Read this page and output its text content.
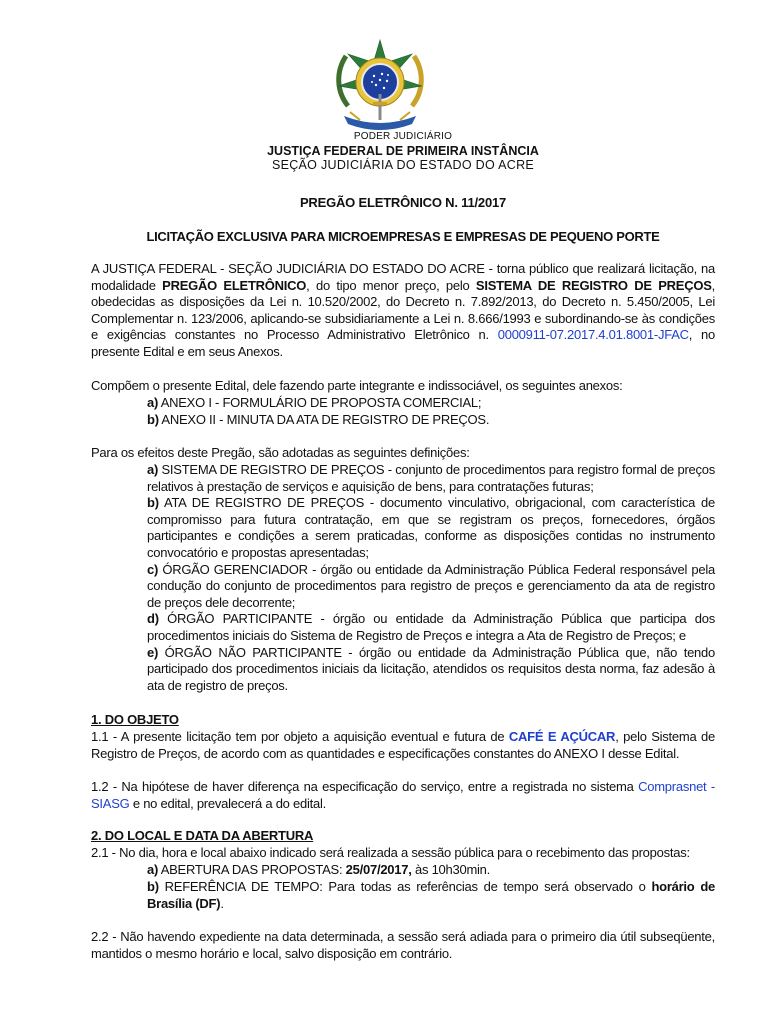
PODER JUDICIÁRIO
JUSTIÇA FEDERAL DE PRIMEIRA INSTÂNCIA
SEÇÃO JUDICIÁRIA DO ESTADO DO ACRE
PREGÃO ELETRÔNICO N. 11/2017
LICITAÇÃO EXCLUSIVA PARA MICROEMPRESAS E EMPRESAS DE PEQUENO PORTE

A JUSTIÇA FEDERAL - SEÇÃO JUDICIÁRIA DO ESTADO DO ACRE - torna público que realizará licitação, na modalidade PREGÃO ELETRÔNICO, do tipo menor preço, pelo SISTEMA DE REGISTRO DE PREÇOS, obedecidas as disposições da Lei n. 10.520/2002, do Decreto n. 7.892/2013, do Decreto n. 5.450/2005, Lei Complementar n. 123/2006, aplicando-se subsidiariamente a Lei n. 8.666/1993 e subordinando-se às condições e exigências constantes no Processo Administrativo Eletrônico n. 0000911-07.2017.4.01.8001-JFAC, no presente Edital e em seus Anexos.

Compõem o presente Edital, dele fazendo parte integrante e indissociável, os seguintes anexos:

a) ANEXO I - FORMULÁRIO DE PROPOSTA COMERCIAL;

b) ANEXO II - MINUTA DA ATA DE REGISTRO DE PREÇOS.

Para os efeitos deste Pregão, são adotadas as seguintes definições:

a) SISTEMA DE REGISTRO DE PREÇOS - conjunto de procedimentos para registro formal de preços relativos à prestação de serviços e aquisição de bens, para contratações futuras;

b) ATA DE REGISTRO DE PREÇOS - documento vinculativo, obrigacional, com característica de compromisso para futura contratação, em que se registram os preços, fornecedores, órgãos participantes e condições a serem praticadas, conforme as disposições contidas no instrumento convocatório e propostas apresentadas;

c) ÓRGÃO GERENCIADOR - órgão ou entidade da Administração Pública Federal responsável pela condução do conjunto de procedimentos para registro de preços e gerenciamento da ata de registro de preços dele decorrente;

d) ÓRGÃO PARTICIPANTE - órgão ou entidade da Administração Pública que participa dos procedimentos iniciais do Sistema de Registro de Preços e integra a Ata de Registro de Preços; e

e) ÓRGÃO NÃO PARTICIPANTE - órgão ou entidade da Administração Pública que, não tendo participado dos procedimentos iniciais da licitação, atendidos os requisitos desta norma, faz adesão à ata de registro de preços.

1. DO OBJETO

1.1 - A presente licitação tem por objeto a aquisição eventual e futura de CAFÉ E AÇÚCAR, pelo Sistema de Registro de Preços, de acordo com as quantidades e especificações constantes do ANEXO I desse Edital.

1.2 - Na hipótese de haver diferença na especificação do serviço, entre a registrada no sistema Comprasnet - SIASG e no edital, prevalecerá a do edital.

2. DO LOCAL E DATA DA ABERTURA

2.1 - No dia, hora e local abaixo indicado será realizada a sessão pública para o recebimento das propostas:

a) ABERTURA DAS PROPOSTAS: 25/07/2017, às 10h30min.

b) REFERÊNCIA DE TEMPO: Para todas as referências de tempo será observado o horário de Brasília (DF).

2.2 - Não havendo expediente na data determinada, a sessão será adiada para o primeiro dia útil subseqüente, mantidos o mesmo horário e local, salvo disposição em contrário.
